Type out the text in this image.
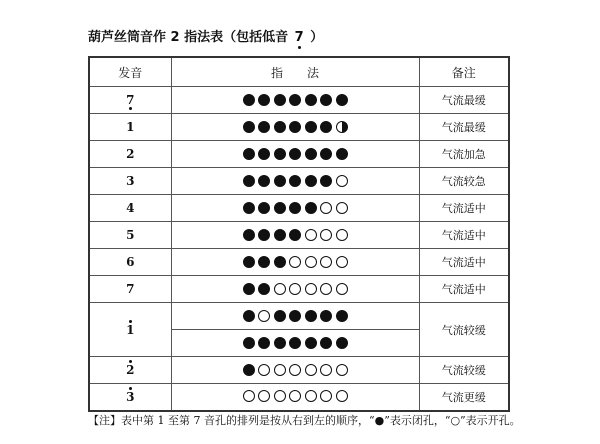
葫芦丝筒音作 2 指法表（包括低音 7 ）
发音	指　　法	备注
7		气流最缓
1		气流最缓
2		气流加急
3		气流较急
4		气流适中
5		气流适中
6		气流适中
7		气流适中
1		气流较缓

2		气流较缓
3		气流更缓
【注】表中第 1 至第 7 音孔的排列是按从右到左的顺序，“●”表示闭孔，“○”表示开孔。
